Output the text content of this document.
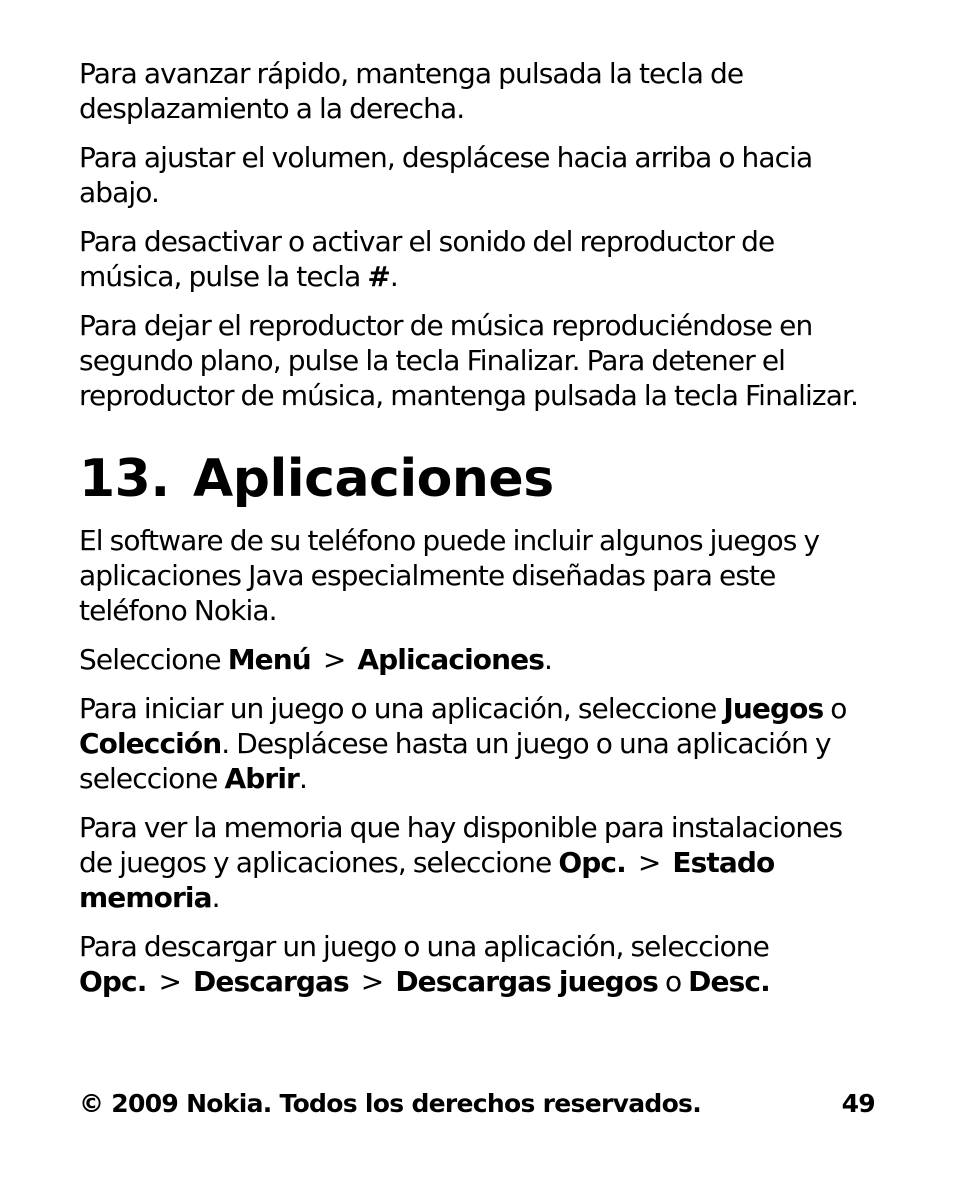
Para avanzar rápido, mantenga pulsada la tecla de desplazamiento a la derecha.

Para ajustar el volumen, desplácese hacia arriba o hacia abajo.

Para desactivar o activar el sonido del reproductor de música, pulse la tecla #.

Para dejar el reproductor de música reproduciéndose en segundo plano, pulse la tecla Finalizar. Para detener el reproductor de música, mantenga pulsada la tecla Finalizar.

13. Aplicaciones

El software de su teléfono puede incluir algunos juegos y aplicaciones Java especialmente diseñadas para este teléfono Nokia.

Seleccione Menú > Aplicaciones.

Para iniciar un juego o una aplicación, seleccione Juegos o Colección. Desplácese hasta un juego o una aplicación y seleccione Abrir.

Para ver la memoria que hay disponible para instalaciones de juegos y aplicaciones, seleccione Opc. > Estado memoria.

Para descargar un juego o una aplicación, seleccione Opc. > Descargas > Descargas juegos o Desc.

© 2009 Nokia. Todos los derechos reservados.	49
